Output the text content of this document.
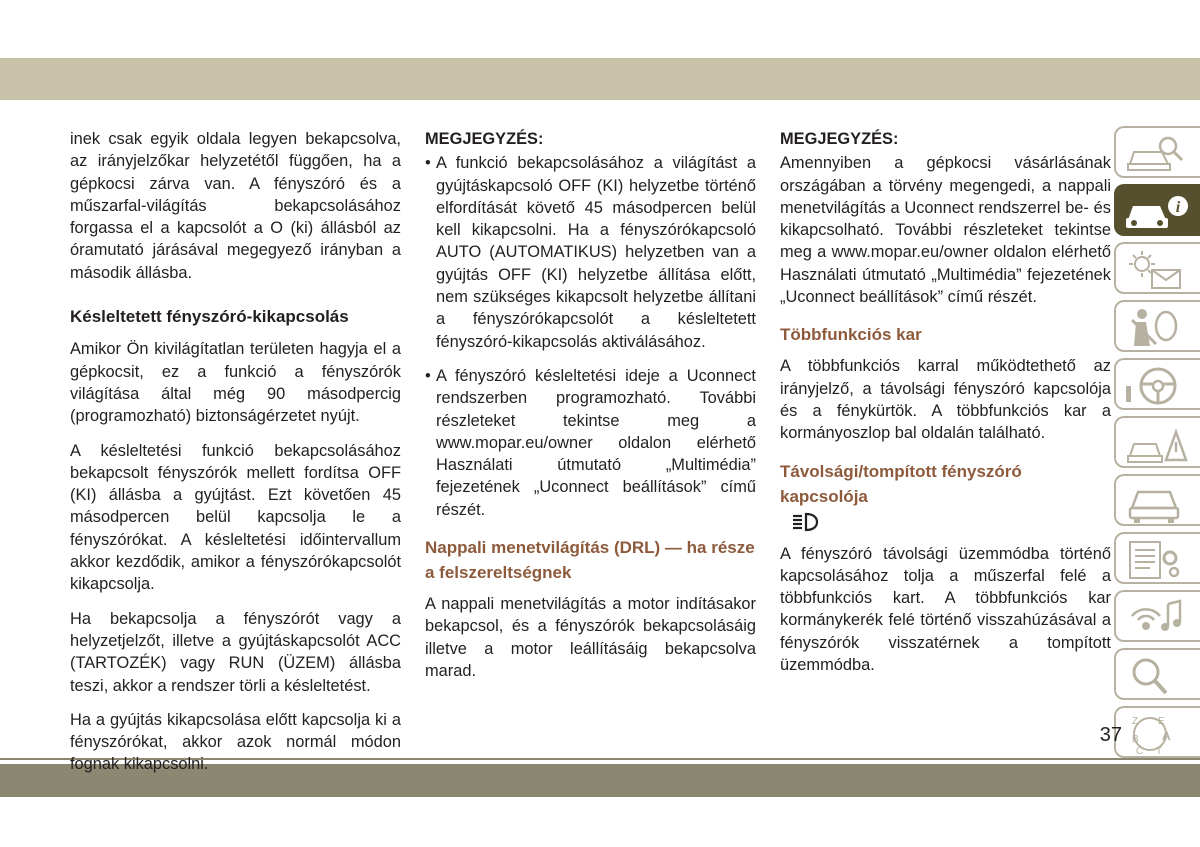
inek csak egyik oldala legyen bekapcsolva, az irányjelzőkar helyzetétől függően, ha a gépkocsi zárva van. A fényszóró és a műszarfal-világítás bekapcsolásához forgassa el a kapcsolót a O (ki) állásból az óramutató járásával megegyező irányban a második állásba.

Késleltetett fényszóró-kikapcsolás

Amikor Ön kivilágítatlan területen hagyja el a gépkocsit, ez a funkció a fényszórók világítása által még 90 másodpercig (programozható) biztonságérzetet nyújt.

A késleltetési funkció bekapcsolásához bekapcsolt fényszórók mellett fordítsa OFF (KI) állásba a gyújtást. Ezt követően 45 másodpercen belül kapcsolja le a fényszórókat. A késleltetési időintervallum akkor kezdődik, amikor a fényszórókapcsolót kikapcsolja.

Ha bekapcsolja a fényszórót vagy a helyzetjelzőt, illetve a gyújtáskapcsolót ACC (TARTOZÉK) vagy RUN (ÜZEM) állásba teszi, akkor a rendszer törli a késleltetést.

Ha a gyújtás kikapcsolása előtt kapcsolja ki a fényszórókat, akkor azok normál módon fognak kikapcsolni.

MEGJEGYZÉS:
• A funkció bekapcsolásához a világítást a gyújtáskapcsoló OFF (KI) helyzetbe történő elfordítását követő 45 másodpercen belül kell kikapcsolni. Ha a fényszórókapcsoló AUTO (AUTOMATIKUS) helyzetben van a gyújtás OFF (KI) helyzetbe állítása előtt, nem szükséges kikapcsolt helyzetbe állítani a fényszórókapcsolót a késleltetett fényszóró-kikapcsolás aktiválásához.
• A fényszóró késleltetési ideje a Uconnect rendszerben programozható. További részleteket tekintse meg a www.mopar.eu/owner oldalon elérhető Használati útmutató „Multimédia” fejezetének „Uconnect beállítások” című részét.
Nappali menetvilágítás (DRL) — ha része a felszereltségnek

A nappali menetvilágítás a motor indításakor bekapcsol, és a fényszórók bekapcsolásáig illetve a motor leállításáig bekapcsolva marad.

MEGJEGYZÉS:

Amennyiben a gépkocsi vásárlásának országában a törvény megengedi, a nappali menetvilágítás a Uconnect rendszerrel be- és kikapcsolható. További részleteket tekintse meg a www.mopar.eu/owner oldalon elérhető Használati útmutató „Multimédia” fejezetének „Uconnect beállítások” című részét.

Többfunkciós kar

A többfunkciós karral működtethető az irányjelző, a távolsági fényszóró kapcsolója és a fénykürtök. A többfunkciós kar a kormányoszlop bal oldalán található.

Távolsági/tompított fényszóró kapcsolója

A fényszóró távolsági üzemmódba történő kapcsolásához tolja a műszerfal felé a többfunkciós kart. A többfunkciós kar kormánykerék felé történő visszahúzásával a fényszórók visszatérnek a tompított üzemmódba.

i
Z E
B A
C T
37
